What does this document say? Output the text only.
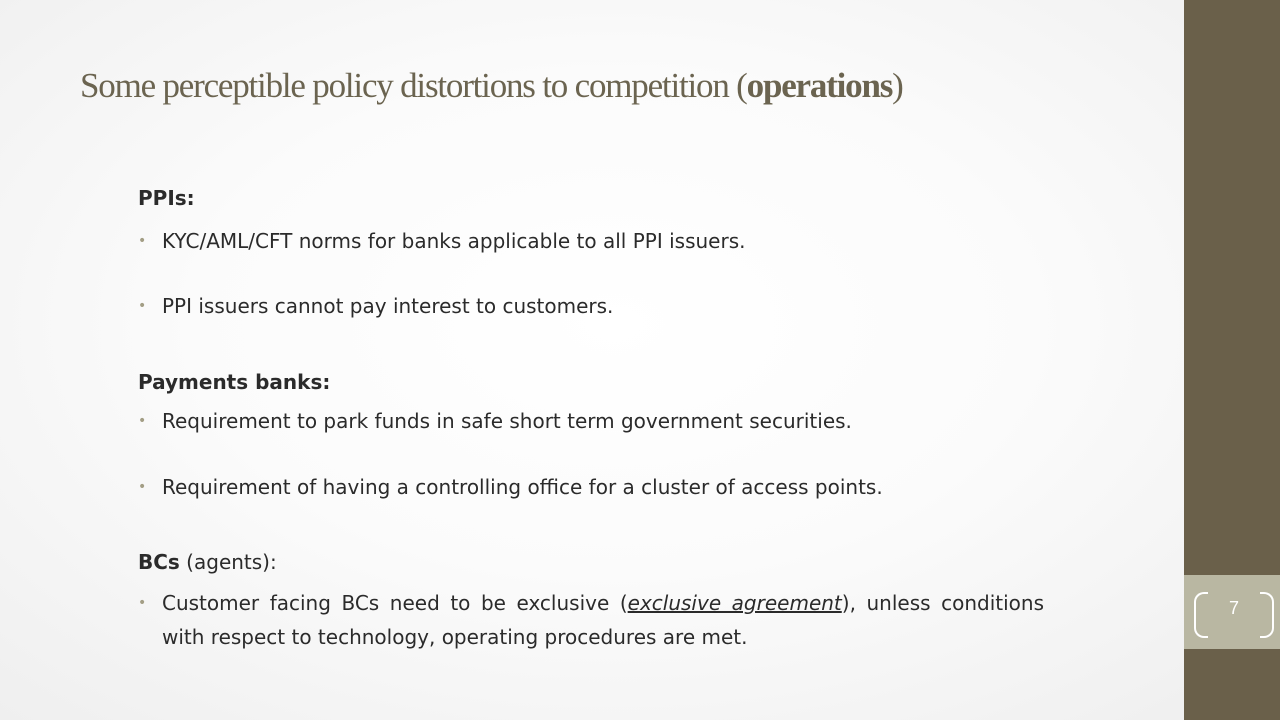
Some perceptible policy distortions to competition (operations)
PPIs:
• KYC/AML/CFT norms for banks applicable to all PPI issuers.
• PPI issuers cannot pay interest to customers.
Payments banks:
• Requirement to park funds in safe short term government securities.
• Requirement of having a controlling office for a cluster of access points.
BCs (agents):
• Customer facing BCs need to be exclusive (exclusive agreement), unless conditions with respect to technology, operating procedures are met.
7
